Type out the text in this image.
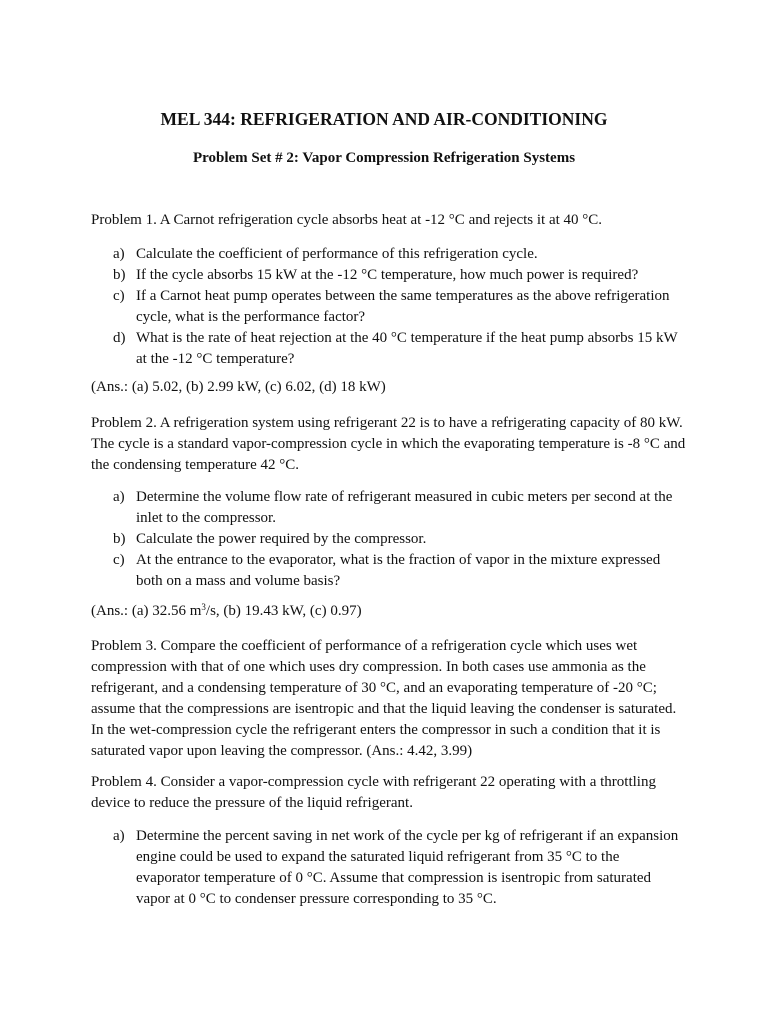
MEL 344: REFRIGERATION AND AIR-CONDITIONING
Problem Set # 2: Vapor Compression Refrigeration Systems

Problem 1. A Carnot refrigeration cycle absorbs heat at -12 °C and rejects it at 40 °C.

a) Calculate the coefficient of performance of this refrigeration cycle.
b) If the cycle absorbs 15 kW at the -12 °C temperature, how much power is required?
c) If a Carnot heat pump operates between the same temperatures as the above refrigeration cycle, what is the performance factor?
d) What is the rate of heat rejection at the 40 °C temperature if the heat pump absorbs 15 kW at the -12 °C temperature?

(Ans.: (a) 5.02, (b) 2.99 kW, (c) 6.02, (d) 18 kW)

Problem 2. A refrigeration system using refrigerant 22 is to have a refrigerating capacity of 80 kW. The cycle is a standard vapor-compression cycle in which the evaporating temperature is -8 °C and the condensing temperature 42 °C.

a) Determine the volume flow rate of refrigerant measured in cubic meters per second at the inlet to the compressor.
b) Calculate the power required by the compressor.
c) At the entrance to the evaporator, what is the fraction of vapor in the mixture expressed both on a mass and volume basis?

(Ans.: (a) 32.56 $m^3/s$, (b) 19.43 kW, (c) 0.97)

Problem 3. Compare the coefficient of performance of a refrigeration cycle which uses wet compression with that of one which uses dry compression. In both cases use ammonia as the refrigerant, and a condensing temperature of 30 °C, and an evaporating temperature of -20 °C; assume that the compressions are isentropic and that the liquid leaving the condenser is saturated. In the wet-compression cycle the refrigerant enters the compressor in such a condition that it is saturated vapor upon leaving the compressor. (Ans.: 4.42, 3.99)

Problem 4. Consider a vapor-compression cycle with refrigerant 22 operating with a throttling device to reduce the pressure of the liquid refrigerant.

a) Determine the percent saving in net work of the cycle per kg of refrigerant if an expansion engine could be used to expand the saturated liquid refrigerant from 35 °C to the evaporator temperature of 0 °C. Assume that compression is isentropic from saturated vapor at 0 °C to condenser pressure corresponding to 35 °C.
